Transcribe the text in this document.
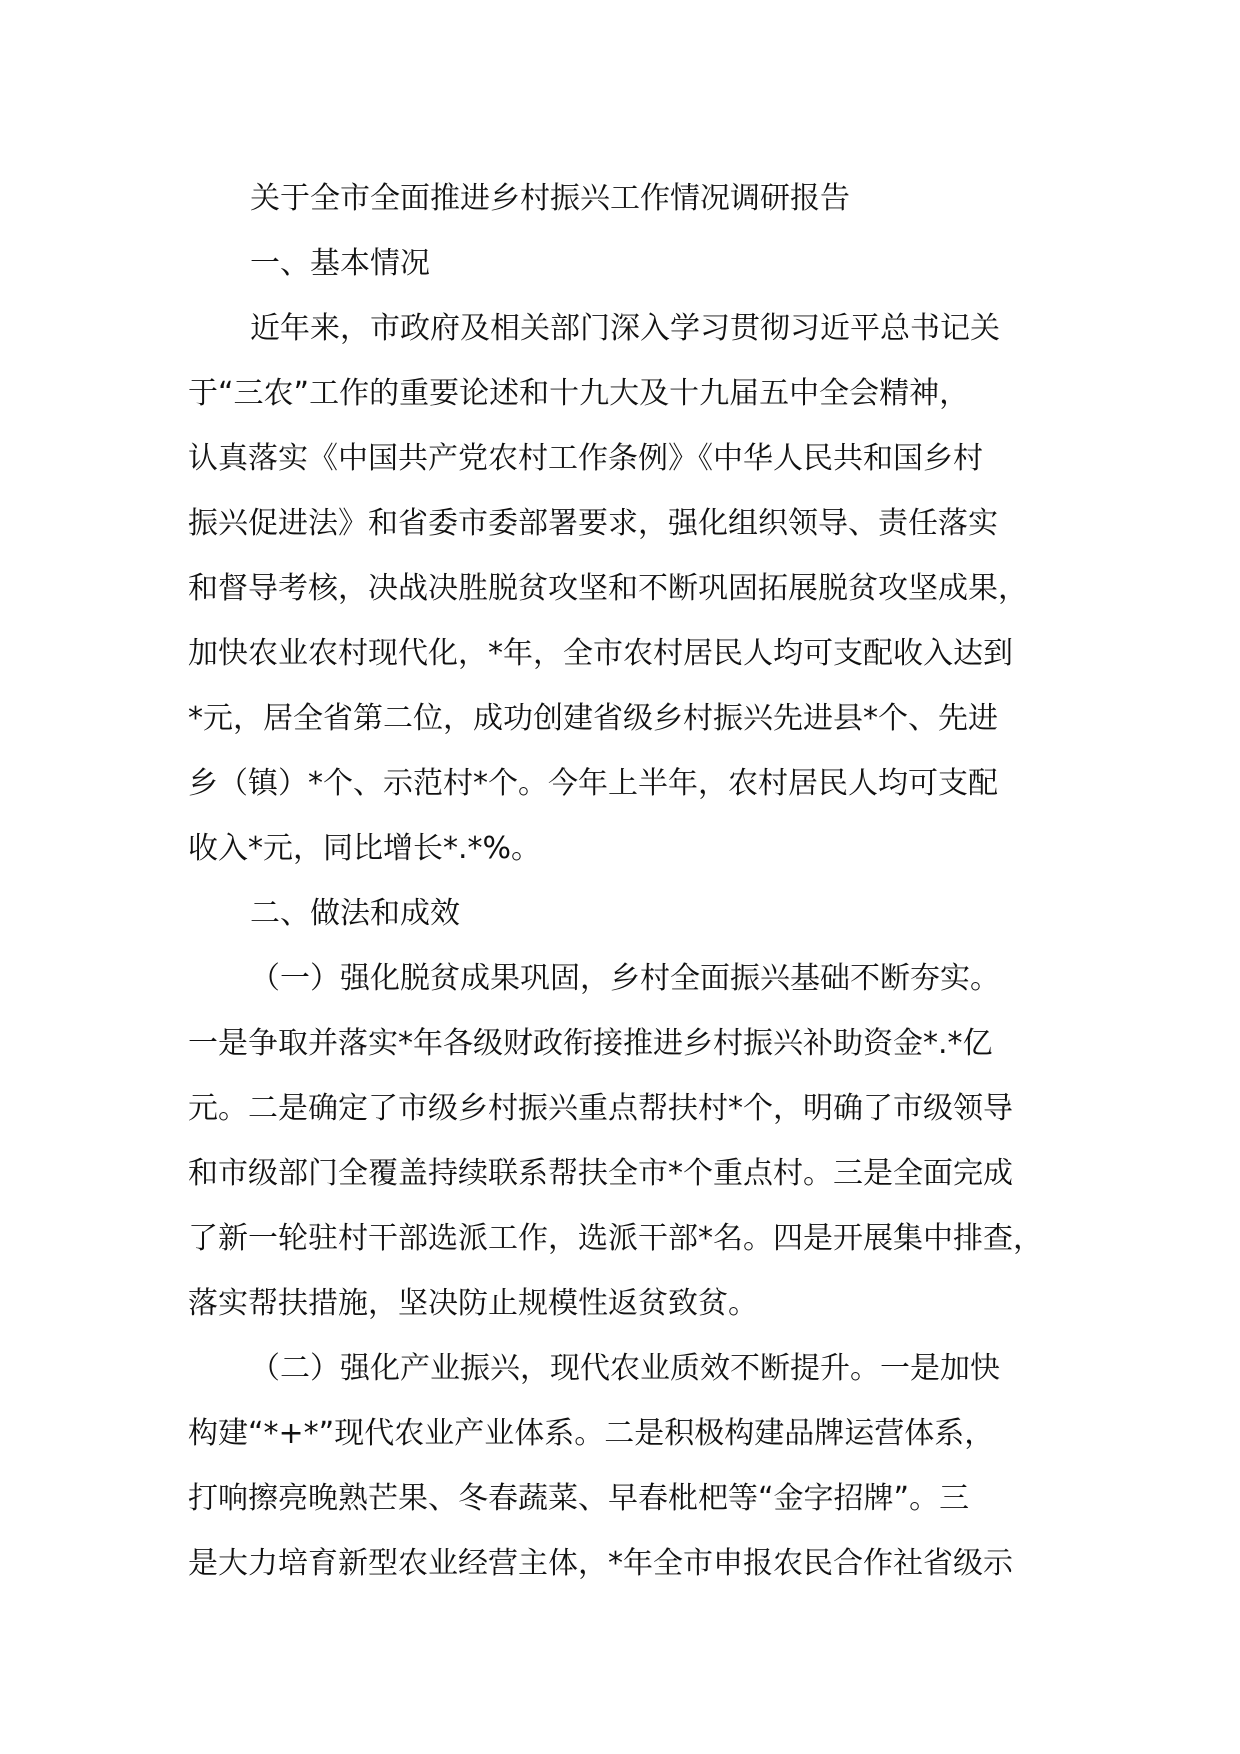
关于全市全面推进乡村振兴工作情况调研报告
一、基本情况
近年来，市政府及相关部门深入学习贯彻习近平总书记关
于“三农”工作的重要论述和十九大及十九届五中全会精神，
认真落实《中国共产党农村工作条例》《中华人民共和国乡村
振兴促进法》和省委市委部署要求，强化组织领导、责任落实
和督导考核，决战决胜脱贫攻坚和不断巩固拓展脱贫攻坚成果，
加快农业农村现代化，*年，全市农村居民人均可支配收入达到
*元，居全省第二位，成功创建省级乡村振兴先进县*个、先进
乡（镇）*个、示范村*个。今年上半年，农村居民人均可支配
收入*元，同比增长*.*%。
二、做法和成效
（一）强化脱贫成果巩固，乡村全面振兴基础不断夯实。
一是争取并落实*年各级财政衔接推进乡村振兴补助资金*.*亿
元。二是确定了市级乡村振兴重点帮扶村*个，明确了市级领导
和市级部门全覆盖持续联系帮扶全市*个重点村。三是全面完成
了新一轮驻村干部选派工作，选派干部*名。四是开展集中排查，
落实帮扶措施，坚决防止规模性返贫致贫。
（二）强化产业振兴，现代农业质效不断提升。一是加快
构建“*+*”现代农业产业体系。二是积极构建品牌运营体系，
打响擦亮晚熟芒果、冬春蔬菜、早春枇杷等“金字招牌”。三
是大力培育新型农业经营主体，*年全市申报农民合作社省级示
